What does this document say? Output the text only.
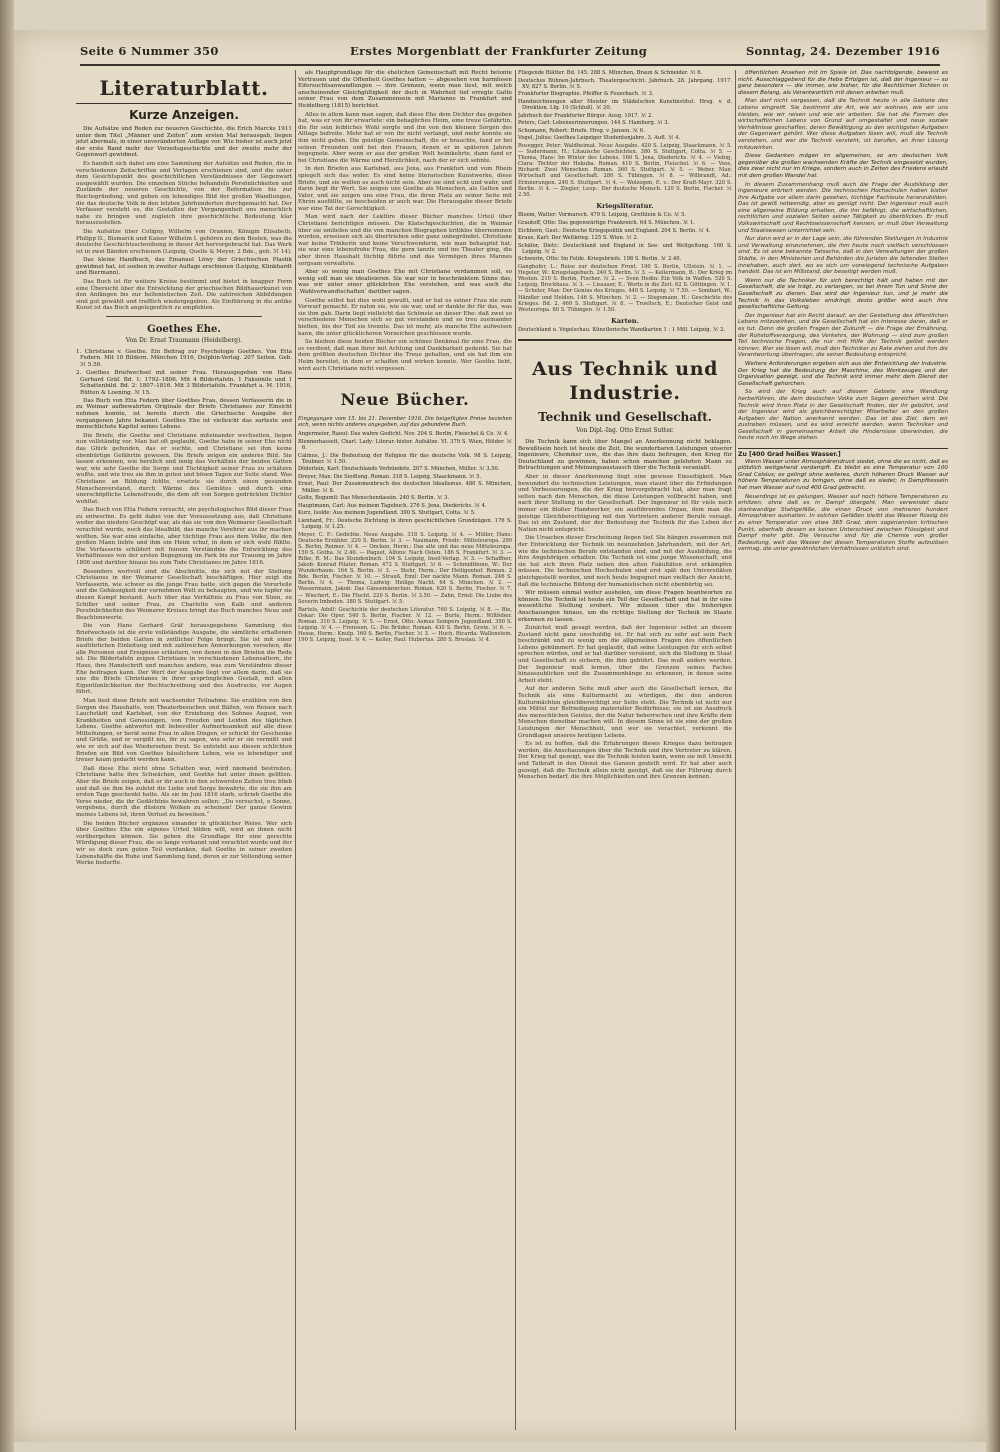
Seite 6 Nummer 350	Erstes Morgenblatt der Frankfurter Zeitung	Sonntag, 24. Dezember 1916
Literaturblatt.
Kurze Anzeigen.

Die Aufsätze und Reden zur neueren Geschichte, die Erich Marcks 1911 unter dem Titel „Männer und Zeiten“ zum ersten Mal herausgab, liegen jetzt abermals, in einer unveränderten Auflage vor. Wie bisher ist auch jetzt der erste Band mehr der Vorzeitsgeschichte und der zweite mehr der Gegenwart gewidmet.

Es handelt sich dabei um eine Sammlung der Aufsätze und Reden, die in verschiedenen Zeitschriften und Verlagen erschienen sind, und die unter dem Gesichtspunkt des geschichtlichen Verständnisses der Gegenwart ausgewählt wurden. Die einzelnen Stücke behandeln Persönlichkeiten und Zustände der neueren Geschichte, von der Reformation bis zur Reichsgründung, und geben ein lebendiges Bild der großen Wandlungen, die das deutsche Volk in den letzten Jahrhunderten durchgemacht hat. Der Verfasser versteht es, die Gestalten der Vergangenheit uns menschlich nahe zu bringen und zugleich ihre geschichtliche Bedeutung klar herauszustellen.

Die Aufsätze über Coligny, Wilhelm von Oranien, Königin Elisabeth, Philipp II., Bismarck und Kaiser Wilhelm I. gehören zu dem Besten, was die deutsche Geschichtsschreibung in dieser Art hervorgebracht hat. Das Werk ist in zwei Bänden erschienen (Leipzig, Quelle & Meyer, 2 Bde., geb. ℳ 14).

Das kleine Handbuch, das Emanuel Löwy der Griechischen Plastik gewidmet hat, ist soeben in zweiter Auflage erschienen (Leipzig, Klinkhardt und Biermann).

Das Buch ist für weitere Kreise bestimmt und bietet in knapper Form eine Übersicht über die Entwicklung der griechischen Bildhauerkunst von den Anfängen bis zur hellenistischen Zeit. Die zahlreichen Abbildungen sind gut gewählt und trefflich wiedergegeben. Als Einführung in die antike Kunst ist das Buch angelegentlich zu empfehlen.

Goethes Ehe.
Von Dr. Ernst Traumann (Heidelberg).
1. Christiane v. Goethe. Ein Beitrag zur Psychologie Goethes. Von Etta Federn. Mit 10 Bildern. München 1916, Delphin-Verlag. 207 Seiten. Geb. ℳ 5.50.
2. Goethes Briefwechsel mit seiner Frau. Herausgegeben von Hans Gerhard Gräf. Bd. 1: 1792–1806. Mit 4 Bildertafeln. 1 Faksimile und 1 Schattenbild. Bd. 2: 1807–1816. Mit 3 Bildertafeln. Frankfurt a. M. 1916, Rütten & Loening. ℳ 15.

Das Buch von Etta Federn über Goethes Frau, dessen Verfasserin die in zu Weimar aufbewahrten Originale der Briefe Christianes zur Einsicht nehmen konnte, ist bereits durch die Griechische Ausgabe der vergangenen Jahre bekannt. Goethes Ehe ist vielleicht das zarteste und menschlichste Kapitel seines Lebens.

Die Briefe, die Goethe und Christiane miteinander wechselten, liegen nun vollständig vor. Man hat oft geglaubt, Goethe habe in seiner Ehe nicht das Glück gefunden, das er suchte, und Christiane sei ihm keine ebenbürtige Gefährtin gewesen. Die Briefe zeigen ein anderes Bild. Sie lassen erkennen, wie herzlich und innig das Verhältnis der beiden Gatten war, wie sehr Goethe die Sorge und Tüchtigkeit seiner Frau zu schätzen wußte, und wie treu sie ihm in guten und bösen Tagen zur Seite stand. Was Christiane an Bildung fehlte, ersetzte sie durch einen gesunden Menschenverstand, durch Wärme des Gemütes und durch eine unerschöpfliche Lebensfreude, die dem oft von Sorgen gedrückten Dichter wohltat.

Das Buch von Etta Federn versucht, ein psychologisches Bild dieser Frau zu entwerfen. Es geht dabei von der Voraussetzung aus, daß Christiane weder das niedere Geschöpf war, als das sie von den Weimarer Gesellschaft verachtet wurde, noch das Idealbild, das manche Verehrer aus ihr machen wollten. Sie war eine einfache, aber tüchtige Frau aus dem Volke, die den großen Mann liebte und ihm ein Heim schuf, in dem er sich wohl fühlte. Die Verfasserin schildert mit feinem Verständnis die Entwicklung des Verhältnisses von der ersten Begegnung im Park bis zur Trauung im Jahre 1806 und darüber hinaus bis zum Tode Christianes im Jahre 1816.

Besonders wertvoll sind die Abschnitte, die sich mit der Stellung Christianes in der Weimarer Gesellschaft beschäftigen. Hier zeigt die Verfasserin, wie schwer es die junge Frau hatte, sich gegen die Vorurteile und die Gehässigkeit der vornehmen Welt zu behaupten, und wie tapfer sie diesen Kampf bestand. Auch über das Verhältnis zu Frau von Stein, zu Schiller und seiner Frau, zu Charlotte von Kalb und anderen Persönlichkeiten des Weimarer Kreises bringt das Buch manches Neue und Beachtenswerte.

Die von Hans Gerhard Gräf herausgegebene Sammlung des Briefwechsels ist die erste vollständige Ausgabe, die sämtliche erhaltenen Briefe der beiden Gatten in zeitlicher Folge bringt. Sie ist mit einer ausführlichen Einleitung und mit zahlreichen Anmerkungen versehen, die alle Personen und Ereignisse erläutern, von denen in den Briefen die Rede ist. Die Bildertafeln zeigen Christiane in verschiedenen Lebensaltern, ihr Haus, ihre Handschrift und manches andere, was zum Verständnis dieser Ehe beitragen kann. Der Wert der Ausgabe liegt vor allem darin, daß sie uns die Briefe Christianes in ihrer ursprünglichen Gestalt, mit allen Eigentümlichkeiten der Rechtschreibung und des Ausdrucks, vor Augen führt.

Man liest diese Briefe mit wachsender Teilnahme. Sie erzählen von den Sorgen des Haushalts, von Theaterbesuchen und Bällen, von Reisen nach Lauchstädt und Karlsbad, von der Erziehung des Sohnes August, von Krankheiten und Genesungen, von Freuden und Leiden des täglichen Lebens. Goethe antwortet mit liebevoller Aufmerksamkeit auf alle diese Mitteilungen, er berät seine Frau in allen Dingen, er schickt ihr Geschenke und Grüße, und er vergißt nie, ihr zu sagen, wie sehr er sie vermißt und wie er sich auf das Wiedersehen freut. So entsteht aus diesen schlichten Briefen ein Bild von Goethes häuslichem Leben, wie es lebendiger und treuer kaum gedacht werden kann.

Daß diese Ehe nicht ohne Schatten war, wird niemand bestreiten. Christiane hatte ihre Schwächen, und Goethe hat unter ihnen gelitten. Aber die Briefe zeigen, daß er ihr auch in den schwersten Zeiten treu blieb und daß sie ihm bis zuletzt die Liebe und Sorge bewahrte, die sie ihm am ersten Tage geschenkt hatte. Als sie im Juni 1816 starb, schrieb Goethe die Verse nieder, die ihr Gedächtnis bewahren sollen: „Du versuchst, o Sonne, vergebens, durch die düstern Wolken zu scheinen! Der ganze Gewinn meines Lebens ist, ihren Verlust zu beweinen.“

Die beiden Bücher ergänzen einander in glücklicher Weise. Wer sich über Goethes Ehe ein eigenes Urteil bilden will, wird an ihnen nicht vorübergehen können. Sie geben die Grundlage für eine gerechte Würdigung dieser Frau, die so lange verkannt und verachtet wurde und der wir es doch zum guten Teil verdanken, daß Goethe in seiner zweiten Lebenshälfte die Ruhe und Sammlung fand, deren er zur Vollendung seiner Werke bedurfte.

als Hauptgrundlage für die ehelichen Gemeinschaft mit Recht betonte Vertrauen und die Offenheit Goethes hatten — abgesehen von harmlosen Eifersuchtsanwandlungen — ihre Grenzen, wenn man liest, mit welch anscheinender Gleichgültigkeit der doch in Wahrheit tief erregte Gatte seiner Frau von dem Zusammensein mit Marianne in Frankfurt und Heidelberg (1815) berichtet.

Alles in allem kann man sagen, daß diese Ehe dem Dichter das gegeben hat, was er von ihr erwartete: ein behagliches Heim, eine treue Gefährtin, die für sein leibliches Wohl sorgte und ihn von den kleinen Sorgen des Alltags befreite. Mehr hat er von ihr nicht verlangt, und mehr konnte sie ihm nicht geben. Die geistige Gemeinschaft, die er brauchte, fand er bei seinen Freunden und bei den Frauen, denen er in späteren Jahren begegnete. Aber wenn er aus der großen Welt heimkehrte, dann fand er bei Christiane die Wärme und Herzlichkeit, nach der er sich sehnte.

In den Briefen aus Karlsbad, aus Jena, aus Frankfurt und vom Rhein spiegelt sich das wider. Es sind keine literarischen Kunstwerke, diese Briefe, und sie wollen es auch nicht sein. Aber sie sind echt und wahr, und darin liegt ihr Wert. Sie zeigen uns Goethe als Menschen, als Gatten und Vater, und sie zeigen uns eine Frau, die ihren Platz an seiner Seite mit Ehren ausfüllte, so bescheiden er auch war. Die Herausgabe dieser Briefe war eine Tat der Gerechtigkeit.

Man wird nach der Lektüre dieser Bücher manches Urteil über Christiane berichtigen müssen. Die Klatschgeschichten, die in Weimar über sie umliefen und die von manchen Biographen kritiklos übernommen wurden, erweisen sich als übertrieben oder ganz unbegründet. Christiane war keine Trinkerin und keine Verschwenderin, wie man behauptet hat; sie war eine lebensfrohe Frau, die gern tanzte und ins Theater ging, die aber ihren Haushalt tüchtig führte und das Vermögen ihres Mannes sorgsam verwaltete.

Aber so wenig man Goethes Ehe mit Christiane verdammen soll, so wenig soll man sie idealisieren. Sie war nur in beschränktem Sinne das, was wir unter einer glücklichen Ehe verstehen, und was auch die ‚Wahlverwandtschaften‘ darüber sagen.

Goethe selbst hat dies wohl gewußt, und er hat es seiner Frau nie zum Vorwurf gemacht. Er nahm sie, wie sie war, und er dankte ihr für das, was sie ihm gab. Darin liegt vielleicht das Schönste an dieser Ehe: daß zwei so verschiedene Menschen sich so gut verstanden und so treu zueinander hielten, bis der Tod sie trennte. Das ist mehr, als manche Ehe aufweisen kann, die unter glücklicheren Vorzeichen geschlossen wurde.

So bleiben diese beiden Bücher ein schönes Denkmal für eine Frau, die es verdient, daß man ihrer mit Achtung und Dankbarkeit gedenkt. Sie hat dem größten deutschen Dichter die Treue gehalten, und sie hat ihm ein Heim bereitet, in dem er schaffen und wirken konnte. Wer Goethe liebt, wird auch Christiane nicht vergessen.

Neue Bücher.
Eingegangen vom 15. bis 21. Dezember 1916. Die beigefügten Preise beziehen sich, wenn nichts anderes angegeben, auf das gebundene Buch.
Angermeier, Raoul: Das wahre Gedicht. Nov. 204 S. Berlin, Fleischel & Co. ℳ 4.
Blennerhassett, Charl. Lady: Literar.-histor. Aufsätze. VI. 379 S. Wien, Hölder. ℳ 6.
Calmus, J.: Die Bedeutung der Religion für das deutsche Volk. 98 S. Leipzig, Teubner. ℳ 1.50.
Döderlein, Karl: Deutschlands Verbündete. 207 S. München, Müller. ℳ 3.50.
Dreyer, Max: Die Siedlung. Roman. 318 S. Leipzig, Staackmann. ℳ 5.
Ernst, Paul: Der Zusammenbruch des deutschen Idealismus. 480 S. München, Müller. ℳ 8.
Goltz, Bogumil: Das Menschendasein. 240 S. Berlin. ℳ 3.
Hauptmann, Carl: Aus meinem Tagebuch. 276 S. Jena, Diederichs. ℳ 4.
Kurz, Isolde: Aus meinem Jugendland. 390 S. Stuttgart, Cotta. ℳ 5.
Lienhard, Fr.: Deutsche Dichtung in ihren geschichtlichen Grundzügen. 176 S. Leipzig. ℳ 1.25.

Meyer, C. F.: Gedichte. Neue Ausgabe. 318 S. Leipzig. ℳ 4. — Müller, Hans: Deutsche Erzähler. 220 S. Berlin. ℳ 3. — Naumann, Friedr.: Mitteleuropa. 299 S. Berlin, Reimer. ℳ 4. — Oncken, Herm.: Das alte und das neue Mitteleuropa. 150 S. Gotha. ℳ 2.40. — Paquet, Alfons: Nach Osten. 186 S. Frankfurt. ℳ 3. — Rilke, R. M.: Das Stundenbuch. 104 S. Leipzig, Insel-Verlag. ℳ 3. — Schaffner, Jakob: Konrad Pilater. Roman. 472 S. Stuttgart. ℳ 6. — Schmidtbonn, W.: Der Wunderbaum. 164 S. Berlin. ℳ 3. — Stehr, Herm.: Der Heiligenhof. Roman. 2 Bde. Berlin, Fischer. ℳ 10. — Strauß, Emil: Der nackte Mann. Roman. 246 S. Berlin. ℳ 4. — Thoma, Ludwig: Heilige Nacht. 64 S. München. ℳ 2. — Wassermann, Jakob: Das Gänsemännchen. Roman. 620 S. Berlin, Fischer. ℳ 7. — Wiechert, E.: Die Flucht. 220 S. Berlin. ℳ 3.50. — Zahn, Ernst: Die Liebe des Severin Imboden. 380 S. Stuttgart. ℳ 5.

Bartels, Adolf: Geschichte der deutschen Literatur. 760 S. Leipzig. ℳ 8. — Bie, Oskar: Die Oper. 540 S. Berlin, Fischer. ℳ 12. — Burte, Herm.: Wiltfeber. Roman. 310 S. Leipzig. ℳ 5. — Ernst, Otto: Asmus Sempers Jugendland. 390 S. Leipzig. ℳ 4. — Frenssen, G.: Die Brüder. Roman. 430 S. Berlin, Grote. ℳ 6. — Hesse, Herm.: Knulp. 160 S. Berlin, Fischer. ℳ 3. — Huch, Ricarda: Wallenstein. 190 S. Leipzig, Insel. ℳ 4. — Keller, Paul: Hubertus. 280 S. Breslau. ℳ 4.

Fliegende Blätter. Bd. 145. 288 S. München, Braun & Schneider. ℳ 6.
Deutsches Bühnen-Jahrbuch. Theatergeschicht. Jahrbuch. 28. Jahrgang. 1917. XV, 827 S. Berlin. ℳ 5.
Frankfurter Biographie. Pfeiffer & Feuerbach. ℳ 3.
Handzeichnungen alter Meister im Städelschen Kunstinstitut. Hrsg. v. d. Direktion. Lfg. 10 (Schluß). ℳ 20.
Jahrbuch der Frankfurter Bürger. Ausg. 1917. ℳ 2.
Peters, Carl: Lebenserinnerungen. 144 S. Hamburg. ℳ 3.
Schumann, Robert: Briefe. Hrsg. v. Jansen. ℳ 6.
Vogel, Julius: Goethes Leipziger Studentenjahre. 3. Aufl. ℳ 4.

Rosegger, Peter: Waldheimat. Neue Ausgabe. 420 S. Leipzig, Staackmann. ℳ 5. — Sudermann, H.: Litauische Geschichten. 380 S. Stuttgart, Cotta. ℳ 5. — Thoma, Hans: Im Winter des Lebens. 160 S. Jena, Diederichs. ℳ 4. — Viebig, Clara: Töchter der Hekuba. Roman. 410 S. Berlin, Fleischel. ℳ 6. — Voss, Richard: Zwei Menschen. Roman. 360 S. Stuttgart. ℳ 5. — Weber, Max: Wirtschaft und Gesellschaft. 280 S. Tübingen. ℳ 8. — Wilbrandt, Ad.: Erinnerungen. 240 S. Stuttgart. ℳ 4. — Wolzogen, E. v.: Der Kraft-Mayr. 320 S. Berlin. ℳ 4. — Ziegler, Leop.: Der deutsche Mensch. 120 S. Berlin, Fischer. ℳ 2.50.

Kriegsliteratur.
Bloem, Walter: Vormarsch. 479 S. Leipzig, Grethlein & Co. ℳ 5.
Grautoff, Otto: Das gegenwärtige Frankreich. 64 S. München. ℳ 1.
Eichhorn, Gust.: Deutsche Kriegspolitik und England. 204 S. Berlin. ℳ 4.
Kraus, Karl: Der Weltkrieg. 125 S. Wien. ℳ 2.
Schäfer, Dietr.: Deutschland und England in See- und Weltgeltung. 160 S. Leipzig. ℳ 2.
Schwerin, Otto: Im Felde. Kriegsbriefe. 198 S. Berlin. ℳ 2.40.

Ganghofer, L.: Reise zur deutschen Front. 190 S. Berlin, Ullstein. ℳ 1. — Hegeler, W.: Kriegstagebuch. 240 S. Berlin. ℳ 3. — Kellermann, B.: Der Krieg im Westen. 210 S. Berlin, Fischer. ℳ 2. — Sven Hedin: Ein Volk in Waffen. 520 S. Leipzig, Brockhaus. ℳ 3. — Lissauer, E.: Worte in die Zeit. 62 S. Göttingen. ℳ 1. — Scheler, Max: Der Genius des Krieges. 440 S. Leipzig. ℳ 7.50. — Sombart, W.: Händler und Helden. 146 S. München. ℳ 2. — Stegemann, H.: Geschichte des Krieges. Bd. 2. 460 S. Stuttgart. ℳ 8. — Troeltsch, E.: Deutscher Geist und Westeuropa. 80 S. Tübingen. ℳ 1.50.

Karten.
Deutschland u. Vogelschau. Künstlerische Wandkarten 1 : 1 Mill. Leipzig. ℳ 2.
Aus Technik und Industrie.
Technik und Gesellschaft.
Von Dipl.-Ing. Otto Ernst Sutter.

Die Technik kann sich über Mangel an Anerkennung nicht beklagen. Bewußtsein hoch ist heute die Zeit. Die wunderbaren Leistungen unserer Ingenieure, Chemiker usw., die das ihre dazu beitrugen, den Krieg für Deutschland zu gewinnen, haben schon manchen gelehrten Mann zu Betrachtungen und Meinungsaustausch über die Technik veranlaßt.

Aber in dieser Anerkennung liegt eine gewisse Einseitigkeit. Man bewundert die technischen Leistungen, man staunt über die Erfindungen und Verbesserungen, die der Krieg hervorgebracht hat, aber man fragt selten nach den Menschen, die diese Leistungen vollbracht haben, und nach ihrer Stellung in der Gesellschaft. Der Ingenieur ist für viele noch immer ein bloßer Handwerker, ein ausführendes Organ, dem man die geistige Gleichberechtigung mit den Vertretern anderer Berufe versagt. Das ist ein Zustand, der der Bedeutung der Technik für das Leben der Nation nicht entspricht.

Die Ursachen dieser Erscheinung liegen tief. Sie hängen zusammen mit der Entwicklung der Technik im neunzehnten Jahrhundert, mit der Art, wie die technischen Berufe entstanden sind, und mit der Ausbildung, die ihre Angehörigen erhalten. Die Technik ist eine junge Wissenschaft, und sie hat sich ihren Platz neben den alten Fakultäten erst erkämpfen müssen. Die technischen Hochschulen sind erst spät den Universitäten gleichgestellt worden, und noch heute begegnet man vielfach der Ansicht, daß die technische Bildung der humanistischen nicht ebenbürtig sei.

Wir müssen einmal weiter ausholen, um diese Fragen beantworten zu können. Die Technik ist heute ein Teil der Gesellschaft und hat in ihr eine wesentliche Stellung erobert. Wir müssen über die bisherigen Anschauungen hinaus, um die richtige Stellung der Technik im Staate erkennen zu lassen.

Zunächst muß gesagt werden, daß der Ingenieur selbst an diesem Zustand nicht ganz unschuldig ist. Er hat sich zu sehr auf sein Fach beschränkt und zu wenig um die allgemeinen Fragen des öffentlichen Lebens gekümmert. Er hat geglaubt, daß seine Leistungen für sich selbst sprechen würden, und er hat darüber versäumt, sich die Stellung in Staat und Gesellschaft zu sichern, die ihm gebührt. Das muß anders werden. Der Ingenieur muß lernen, über die Grenzen seines Faches hinauszublicken und die Zusammenhänge zu erkennen, in denen seine Arbeit steht.

Auf der anderen Seite muß aber auch die Gesellschaft lernen, die Technik als eine Kulturmacht zu würdigen, die den anderen Kulturmächten gleichberechtigt zur Seite steht. Die Technik ist nicht nur ein Mittel zur Befriedigung materieller Bedürfnisse; sie ist ein Ausdruck des menschlichen Geistes, der die Natur beherrschen und ihre Kräfte dem Menschen dienstbar machen will. In diesem Sinne ist sie eine der großen Leistungen der Menschheit, und wer sie verachtet, verkennt die Grundlagen unseres heutigen Lebens.

Es ist zu hoffen, daß die Erfahrungen dieses Krieges dazu beitragen werden, die Anschauungen über die Technik und ihre Vertreter zu klären. Der Krieg hat gezeigt, was die Technik leisten kann, wenn sie mit Umsicht und Tatkraft in den Dienst des Ganzen gestellt wird. Er hat aber auch gezeigt, daß die Technik allein nicht genügt, daß sie der Führung durch Menschen bedarf, die ihre Möglichkeiten und ihre Grenzen kennen.

öffentlichen Ansehen mit im Spiele ist. Das nachfolgende, beweist es nicht. Ausschlaggebend für die Hebe Erfolgen ist, daß der Ingenieur — so ganz besonders — die immer, wie bisher, für die Rechtlichen Sichten in diesem Belang, als Verantwortlich mit denen arbeiten muß.

Man darf nicht vergessen, daß die Technik heute in alle Gebiete des Lebens eingreift. Sie bestimmt die Art, wie wir wohnen, wie wir uns kleiden, wie wir reisen und wie wir arbeiten. Sie hat die Formen des wirtschaftlichen Lebens von Grund auf umgestaltet und neue soziale Verhältnisse geschaffen, deren Bewältigung zu den wichtigsten Aufgaben der Gegenwart gehört. Wer diese Aufgaben lösen will, muß die Technik verstehen, und wer die Technik versteht, ist berufen, an ihrer Lösung mitzuwirken.

Diese Gedanken mögen im allgemeinen, so am deutschen Volk gegenüber die großen wachsenden Kräfte der Technik eingesetzt wurden, dies zwar nicht nur im Kriege, sondern auch in Zeiten des Friedens erlaubt mit dem großen Wandel hat.

In diesem Zusammenhang muß auch die Frage der Ausbildung der Ingenieure erörtert werden. Die technischen Hochschulen haben bisher ihre Aufgabe vor allem darin gesehen, tüchtige Fachleute heranzubilden. Das ist gewiß notwendig, aber es genügt nicht. Der Ingenieur muß auch eine allgemeine Bildung erhalten, die ihn befähigt, die wirtschaftlichen, rechtlichen und sozialen Seiten seiner Tätigkeit zu überblicken. Er muß Volkswirtschaft und Rechtswissenschaft kennen, er muß über Verwaltung und Staatswesen unterrichtet sein.

Nur dann wird er in der Lage sein, die führenden Stellungen in Industrie und Verwaltung einzunehmen, die ihm heute noch vielfach verschlossen sind. Es ist eine bekannte Tatsache, daß in den Verwaltungen der großen Städte, in den Ministerien und Behörden die Juristen die leitenden Stellen innehaben, auch dort, wo es sich um vorwiegend technische Aufgaben handelt. Das ist ein Mißstand, der beseitigt werden muß.

Wenn nur die Techniker für sich berechtigt hält und haben mit der Gesellschaft, die sie trägt, zu verlangen, so bei ihrem Tun und Sinne der Gesellschaft zu dienen. Das wird der Ingenieur tun, und je mehr die Technik in das Volksleben eindringt, desto größer wird auch ihre gesellschaftliche Geltung.

Der Ingenieur hat ein Recht darauf, an der Gestaltung des öffentlichen Lebens mitzuwirken, und die Gesellschaft hat ein Interesse daran, daß er es tut. Denn die großen Fragen der Zukunft — die Frage der Ernährung, der Rohstoffversorgung, des Verkehrs, der Wohnung — sind zum großen Teil technische Fragen, die nur mit Hilfe der Technik gelöst werden können. Wer sie lösen will, muß den Techniker zu Rate ziehen und ihm die Verantwortung übertragen, die seiner Bedeutung entspricht.

Weitere Anforderungen ergeben sich aus der Entwicklung der Industrie. Der Krieg hat die Bedeutung der Maschine, des Werkzeuges und der Organisation gezeigt, und die Technik wird immer mehr dem Dienst der Gesellschaft gehorchen.

So wird der Krieg auch auf diesem Gebiete eine Wandlung herbeiführen, die dem deutschen Volke zum Segen gereichen wird. Die Technik wird ihren Platz in der Gesellschaft finden, der ihr gebührt, und der Ingenieur wird als gleichberechtigter Mitarbeiter an den großen Aufgaben der Nation anerkannt werden. Das ist das Ziel, dem wir zustreben müssen, und es wird erreicht werden, wenn Techniker und Gesellschaft in gemeinsamer Arbeit die Hindernisse überwinden, die heute noch im Wege stehen.

Zu [400 Grad heißes Wasser.]

Wenn Wasser unter Atmosphärendruck siedet, ohne die es nicht, daß es plötzlich weitgehend verdampft. Es bleibt es eine Temperatur von 100 Grad Celsius; es gelingt ohne weiteres, durch höheren Druck Wasser auf höhere Temperaturen zu bringen, ohne daß es siedet; in Dampfkesseln hat man Wasser auf rund 400 Grad gebracht.

Neuerdings ist es gelungen, Wasser auf noch höhere Temperaturen zu erhitzen, ohne daß es in Dampf übergeht. Man verwendet dazu starkwandige Stahlgefäße, die einen Druck von mehreren hundert Atmosphären aushalten. In solchen Gefäßen bleibt das Wasser flüssig bis zu einer Temperatur von etwa 365 Grad, dem sogenannten kritischen Punkt, oberhalb dessen es keinen Unterschied zwischen Flüssigkeit und Dampf mehr gibt. Die Versuche sind für die Chemie von großer Bedeutung, weil das Wasser bei diesen Temperaturen Stoffe aufzulösen vermag, die unter gewöhnlichen Verhältnissen unlöslich sind.
